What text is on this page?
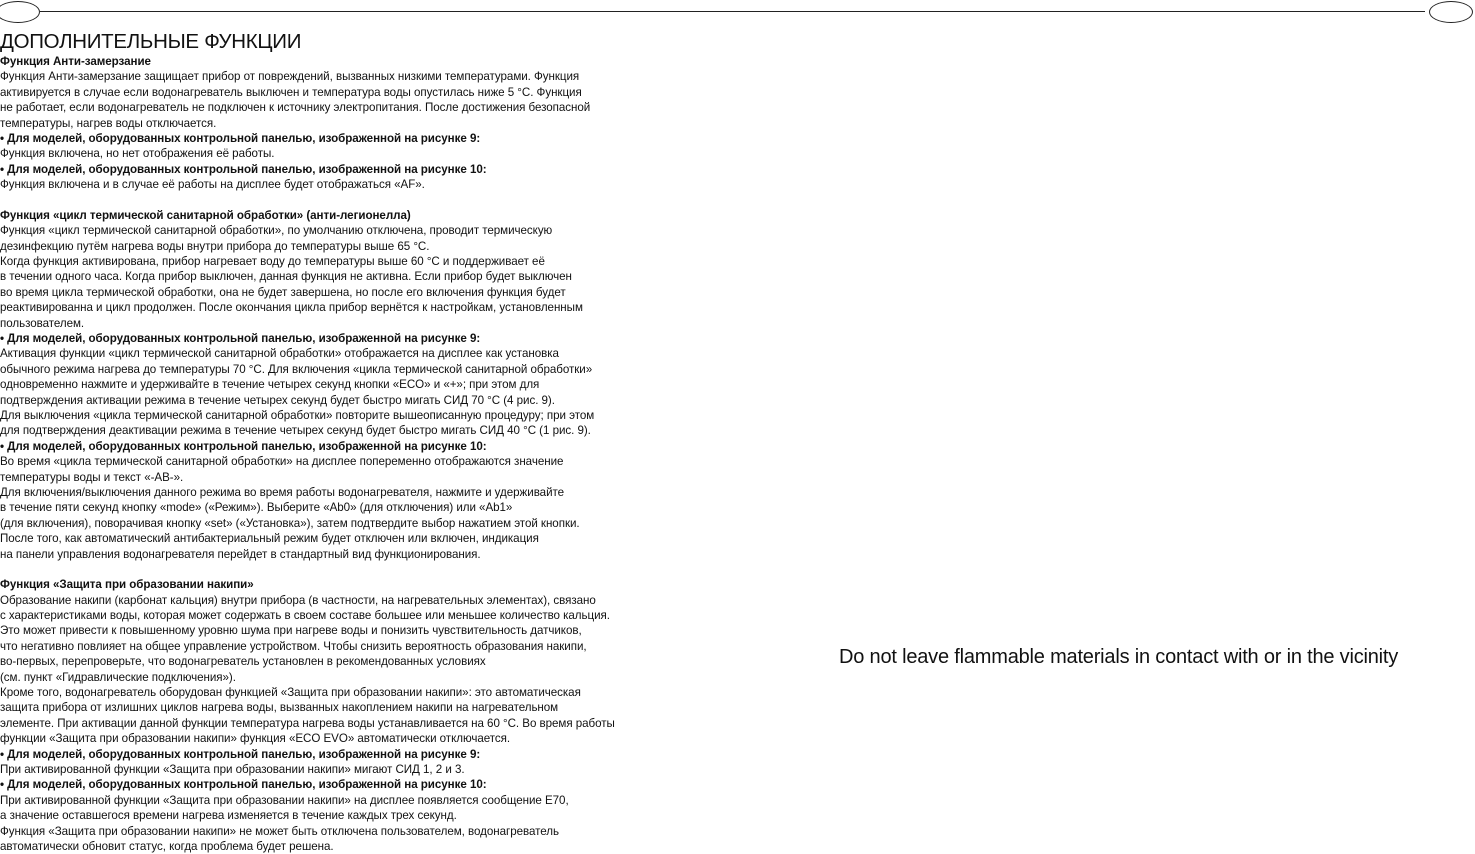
ДОПОЛНИТЕЛЬНЫЕ ФУНКЦИИ
Функция Анти-замерзание
Функция Анти-замерзание защищает прибор от повреждений, вызванных низкими температурами. Функция
активируется в случае если водонагреватель выключен и температура воды опустилась ниже 5 °С. Функция
не работает, если водонагреватель не подключен к источнику электропитания. После достижения безопасной
температуры, нагрев воды отключается.
• Для моделей, оборудованных контрольной панелью, изображенной на рисунке 9:
Функция включена, но нет отображения её работы.
• Для моделей, оборудованных контрольной панелью, изображенной на рисунке 10:
Функция включена и в случае её работы на дисплее будет отображаться «AF».
Функция «цикл термической санитарной обработки» (анти-легионелла)
Функция «цикл термической санитарной обработки», по умолчанию отключена, проводит термическую
дезинфекцию путём нагрева воды внутри прибора до температуры выше 65 °С.
Когда функция активирована, прибор нагревает воду до температуры выше 60 °С и поддерживает её
в течении одного часа. Когда прибор выключен, данная функция не активна. Если прибор будет выключен
во время цикла термической обработки, она не будет завершена, но после его включения функция будет
реактивированна и цикл продолжен. После окончания цикла прибор вернётся к настройкам, установленным
пользователем.
• Для моделей, оборудованных контрольной панелью, изображенной на рисунке 9:
Активация функции «цикл термической санитарной обработки» отображается на дисплее как установка
обычного режима нагрева до температуры 70 °С. Для включения «цикла термической санитарной обработки»
одновременно нажмите и удерживайте в течение четырех секунд кнопки «ECO» и «+»; при этом для
подтверждения активации режима в течение четырех секунд будет быстро мигать СИД 70 °С (4 рис. 9).
Для выключения «цикла термической санитарной обработки» повторите вышеописанную процедуру; при этом
для подтверждения деактивации режима в течение четырех секунд будет быстро мигать СИД 40 °С (1 рис. 9).
• Для моделей, оборудованных контрольной панелью, изображенной на рисунке 10:
Во время «цикла термической санитарной обработки» на дисплее попеременно отображаются значение
температуры воды и текст «-AB-».
Для включения/выключения данного режима во время работы водонагревателя, нажмите и удерживайте
в течение пяти секунд кнопку «mode» («Режим»). Выберите «Ab0» (для отключения) или «Ab1»
(для включения), поворачивая кнопку «set» («Установка»), затем подтвердите выбор нажатием этой кнопки.
После того, как автоматический антибактериальный режим будет отключен или включен, индикация
на панели управления водонагревателя перейдет в стандартный вид функционирования.
Функция «Защита при образовании накипи»
Образование накипи (карбонат кальция) внутри прибора (в частности, на нагревательных элементах), связано
с характеристиками воды, которая может содержать в своем составе большее или меньшее количество кальция.
Это может привести к повышенному уровню шума при нагреве воды и понизить чувствительность датчиков,
что негативно повлияет на общее управление устройством. Чтобы снизить вероятность образования накипи,
во-первых, перепроверьте, что водонагреватель установлен в рекомендованных условиях
(см. пункт «Гидравлические подключения»).
Кроме того, водонагреватель оборудован функцией «Защита при образовании накипи»: это автоматическая
защита прибора от излишних циклов нагрева воды, вызванных накоплением накипи на нагревательном
элементе. При активации данной функции температура нагрева воды устанавливается на 60 °С. Во время работы
функции «Защита при образовании накипи» функция «ECO EVO» автоматически отключается.
• Для моделей, оборудованных контрольной панелью, изображенной на рисунке 9:
При активированной функции «Защита при образовании накипи» мигают СИД 1, 2 и 3.
• Для моделей, оборудованных контрольной панелью, изображенной на рисунке 10:
При активированной функции «Защита при образовании накипи» на дисплее появляется сообщение E70,
а значение оставшегося времени нагрева изменяется в течение каждых трех секунд.
Функция «Защита при образовании накипи» не может быть отключена пользователем, водонагреватель
автоматически обновит статус, когда проблема будет решена.
Do not leave flammable materials in contact with or in the vicinity
